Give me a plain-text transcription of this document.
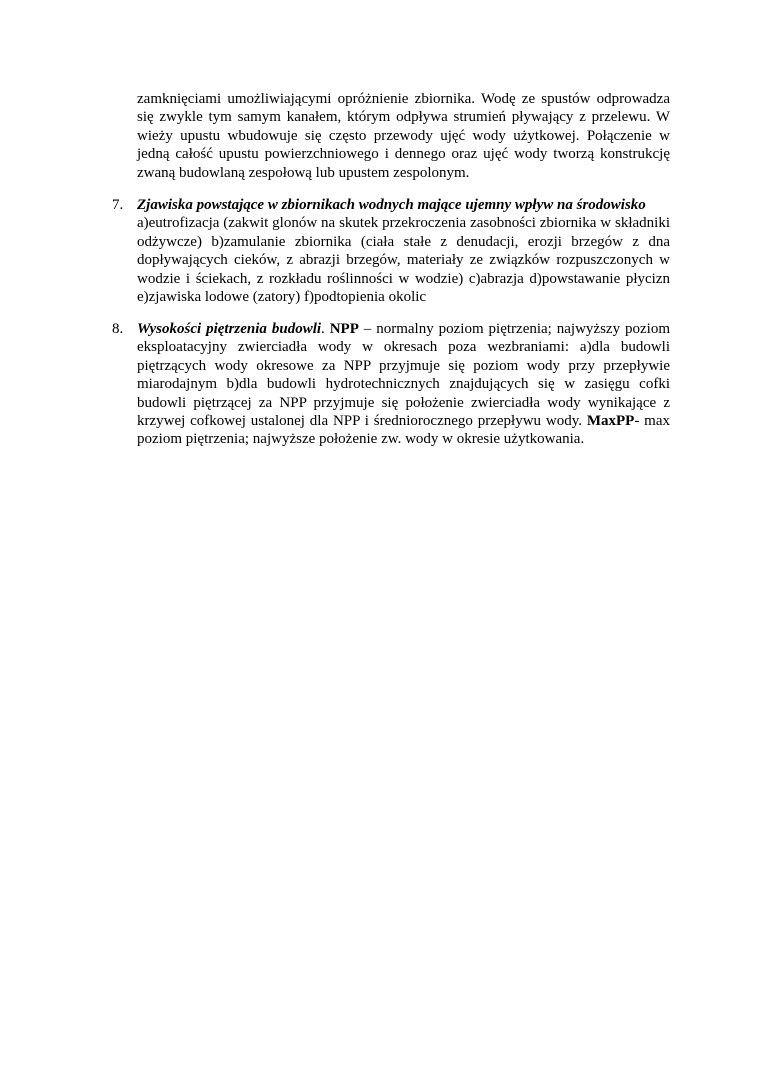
zamknięciami umożliwiającymi opróżnienie zbiornika. Wodę ze spustów odprowadza się zwykle tym samym kanałem, którym odpływa strumień pływający z przelewu. W wieży upustu wbudowuje się często przewody ujęć wody użytkowej. Połączenie w jedną całość upustu powierzchniowego i dennego oraz ujęć wody tworzą konstrukcję zwaną budowlaną zespołową lub upustem zespolonym.
7. Zjawiska powstające w zbiornikach wodnych mające ujemny wpływ na środowisko
a)eutrofizacja (zakwit glonów na skutek przekroczenia zasobności zbiornika w składniki odżywcze) b)zamulanie zbiornika (ciała stałe z denudacji, erozji brzegów z dna dopływających cieków, z abrazji brzegów, materiały ze związków rozpuszczonych w wodzie i ściekach, z rozkładu roślinności w wodzie) c)abrazja d)powstawanie płycizn e)zjawiska lodowe (zatory) f)podtopienia okolic
8. Wysokości piętrzenia budowli. NPP – normalny poziom piętrzenia; najwyższy poziom eksploatacyjny zwierciadła wody w okresach poza wezbraniami: a)dla budowli piętrzących wody okresowe za NPP przyjmuje się poziom wody przy przepływie miarodajnym b)dla budowli hydrotechnicznych znajdujących się w zasięgu cofki budowli piętrzącej za NPP przyjmuje się położenie zwierciadła wody wynikające z krzywej cofkowej ustalonej dla NPP i średniorocznego przepływu wody. MaxPP- max poziom piętrzenia; najwyższe położenie zw. wody w okresie użytkowania.
